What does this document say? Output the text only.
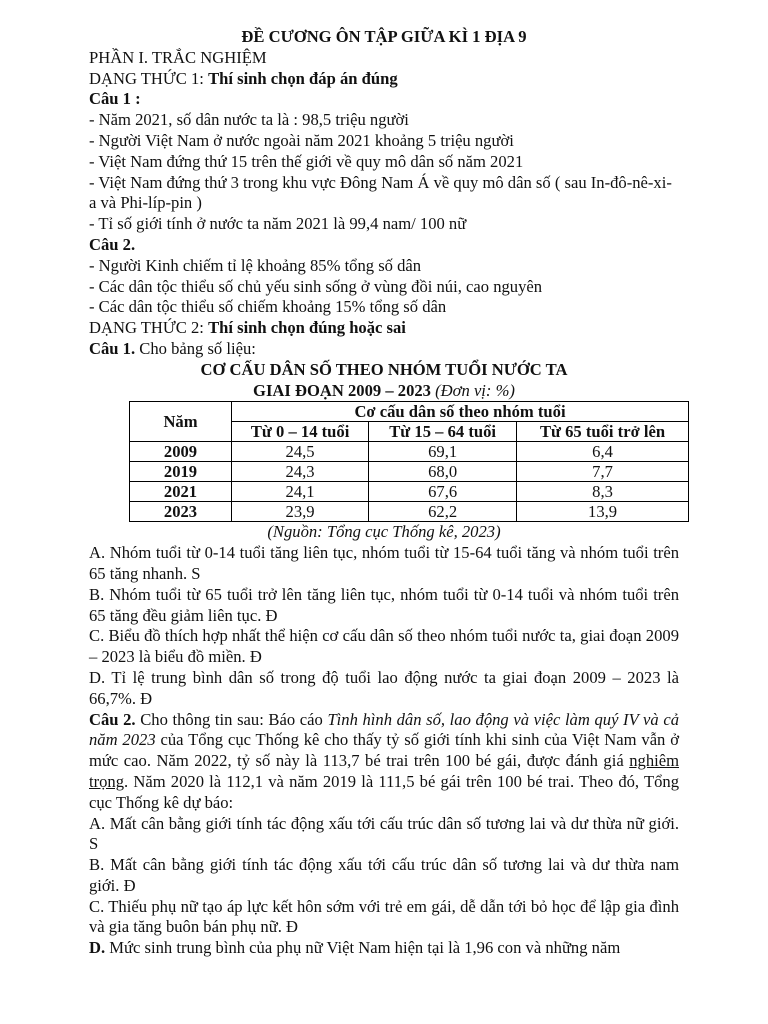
ĐỀ CƯƠNG ÔN TẬP GIỮA KÌ 1 ĐỊA 9

PHẦN I. TRẮC NGHIỆM

DẠNG THỨC 1: Thí sinh chọn đáp án đúng

Câu 1 :

- Năm 2021, số dân nước ta là : 98,5 triệu người

- Người Việt Nam ở nước ngoài năm 2021 khoảng 5 triệu người

- Việt Nam đứng thứ 15 trên thế giới về quy mô dân số năm 2021

- Việt Nam đứng thứ 3 trong khu vực Đông Nam Á về quy mô dân số ( sau In-đô-nê-xi-a và Phi-líp-pin )

- Tỉ số giới tính ở nước ta năm 2021 là 99,4 nam/ 100 nữ

Câu 2.

- Người Kinh chiếm tỉ lệ khoảng 85% tổng số dân

- Các dân tộc thiểu số chủ yếu sinh sống ở vùng đồi núi, cao nguyên

- Các dân tộc thiểu số chiếm khoảng 15% tổng số dân

DẠNG THỨC 2: Thí sinh chọn đúng hoặc sai

Câu 1. Cho bảng số liệu:

CƠ CẤU DÂN SỐ THEO NHÓM TUỔI NƯỚC TA

GIAI ĐOẠN 2009 – 2023 (Đơn vị: %)

Năm	Cơ cấu dân số theo nhóm tuổi		
	Từ 0 – 14 tuổi	Từ 15 – 64 tuổi	Từ 65 tuổi trở lên
2009	24,5	69,1	6,4
2019	24,3	68,0	7,7
2021	24,1	67,6	8,3
2023	23,9	62,2	13,9

(Nguồn: Tổng cục Thống kê, 2023)

A. Nhóm tuổi từ 0-14 tuổi tăng liên tục, nhóm tuổi từ 15-64 tuổi tăng và nhóm tuổi trên 65 tăng nhanh. S

B. Nhóm tuổi từ 65 tuổi trở lên tăng liên tục, nhóm tuổi từ 0-14 tuổi và nhóm tuổi trên 65 tăng đều giảm liên tục. Đ

C. Biểu đồ thích hợp nhất thể hiện cơ cấu dân số theo nhóm tuổi nước ta, giai đoạn 2009 – 2023 là biểu đồ miền. Đ

D. Tỉ lệ trung bình dân số trong độ tuổi lao động nước ta giai đoạn 2009 – 2023 là 66,7%. Đ

Câu 2. Cho thông tin sau: Báo cáo Tình hình dân số, lao động và việc làm quý IV và cả năm 2023 của Tổng cục Thống kê cho thấy tỷ số giới tính khi sinh của Việt Nam vẫn ở mức cao. Năm 2022, tỷ số này là 113,7 bé trai trên 100 bé gái, được đánh giá nghiêm trọng. Năm 2020 là 112,1 và năm 2019 là 111,5 bé gái trên 100 bé trai. Theo đó, Tổng cục Thống kê dự báo:

A. Mất cân bằng giới tính tác động xấu tới cấu trúc dân số tương lai và dư thừa nữ giới. S

B. Mất cân bằng giới tính tác động xấu tới cấu trúc dân số tương lai và dư thừa nam giới. Đ

C. Thiếu phụ nữ tạo áp lực kết hôn sớm với trẻ em gái, dễ dẫn tới bỏ học để lập gia đình và gia tăng buôn bán phụ nữ. Đ

D. Mức sinh trung bình của phụ nữ Việt Nam hiện tại là 1,96 con và những năm
